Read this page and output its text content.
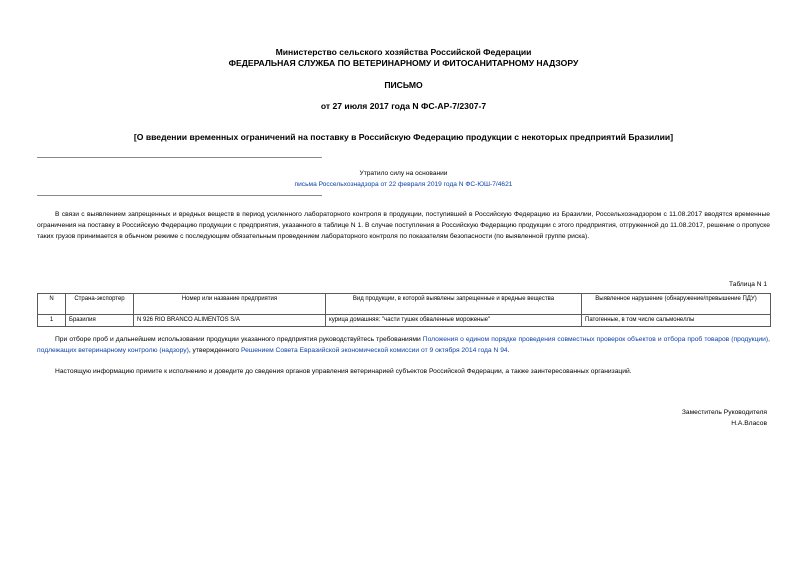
Министерство сельского хозяйства Российской Федерации
ФЕДЕРАЛЬНАЯ СЛУЖБА ПО ВЕТЕРИНАРНОМУ И ФИТОСАНИТАРНОМУ НАДЗОРУ
ПИСЬМО
от 27 июля 2017 года N ФС-АР-7/2307-7
[О введении временных ограничений на поставку в Российскую Федерацию продукции с некоторых предприятий Бразилии]
Утратило силу на основании
письма Россельхознадзора от 22 февраля 2019 года N ФС-ЮШ-7/4621
В связи с выявлением запрещенных и вредных веществ в период усиленного лабораторного контроля в продукции, поступившей в Российскую Федерацию из Бразилии, Россельхознадзором с 11.08.2017 вводятся временные ограничения на поставку в Российскую Федерацию продукции с предприятия, указанного в таблице N 1. В случае поступления в Российскую Федерацию продукции с этого предприятия, отгруженной до 11.08.2017, решение о пропуске таких грузов принимается в обычном режиме с последующим обязательным проведением лабораторного контроля по показателям безопасности (по выявленной группе риска).
Таблица N 1
N	Страна-экспортер	Номер или название предприятия	Вид продукции, в которой выявлены запрещенные и вредные вещества	Выявленное нарушение (обнаружение/превышение ПДУ)
1	Бразилия	N 926 RIO BRANCO ALIMENTOS S/A	курица домашняя: "части тушек обваленные мороженые"	Патогенные, в том числе сальмонеллы
При отборе проб и дальнейшем использовании продукции указанного предприятия руководствуйтесь требованиями Положения о едином порядке проведения совместных проверок объектов и отбора проб товаров (продукции), подлежащих ветеринарному контролю (надзору), утвержденного Решением Совета Евразийской экономической комиссии от 9 октября 2014 года N 94.
Настоящую информацию примите к исполнению и доведите до сведения органов управления ветеринарией субъектов Российской Федерации, а также заинтересованных организаций.
Заместитель Руководителя
Н.А.Власов
